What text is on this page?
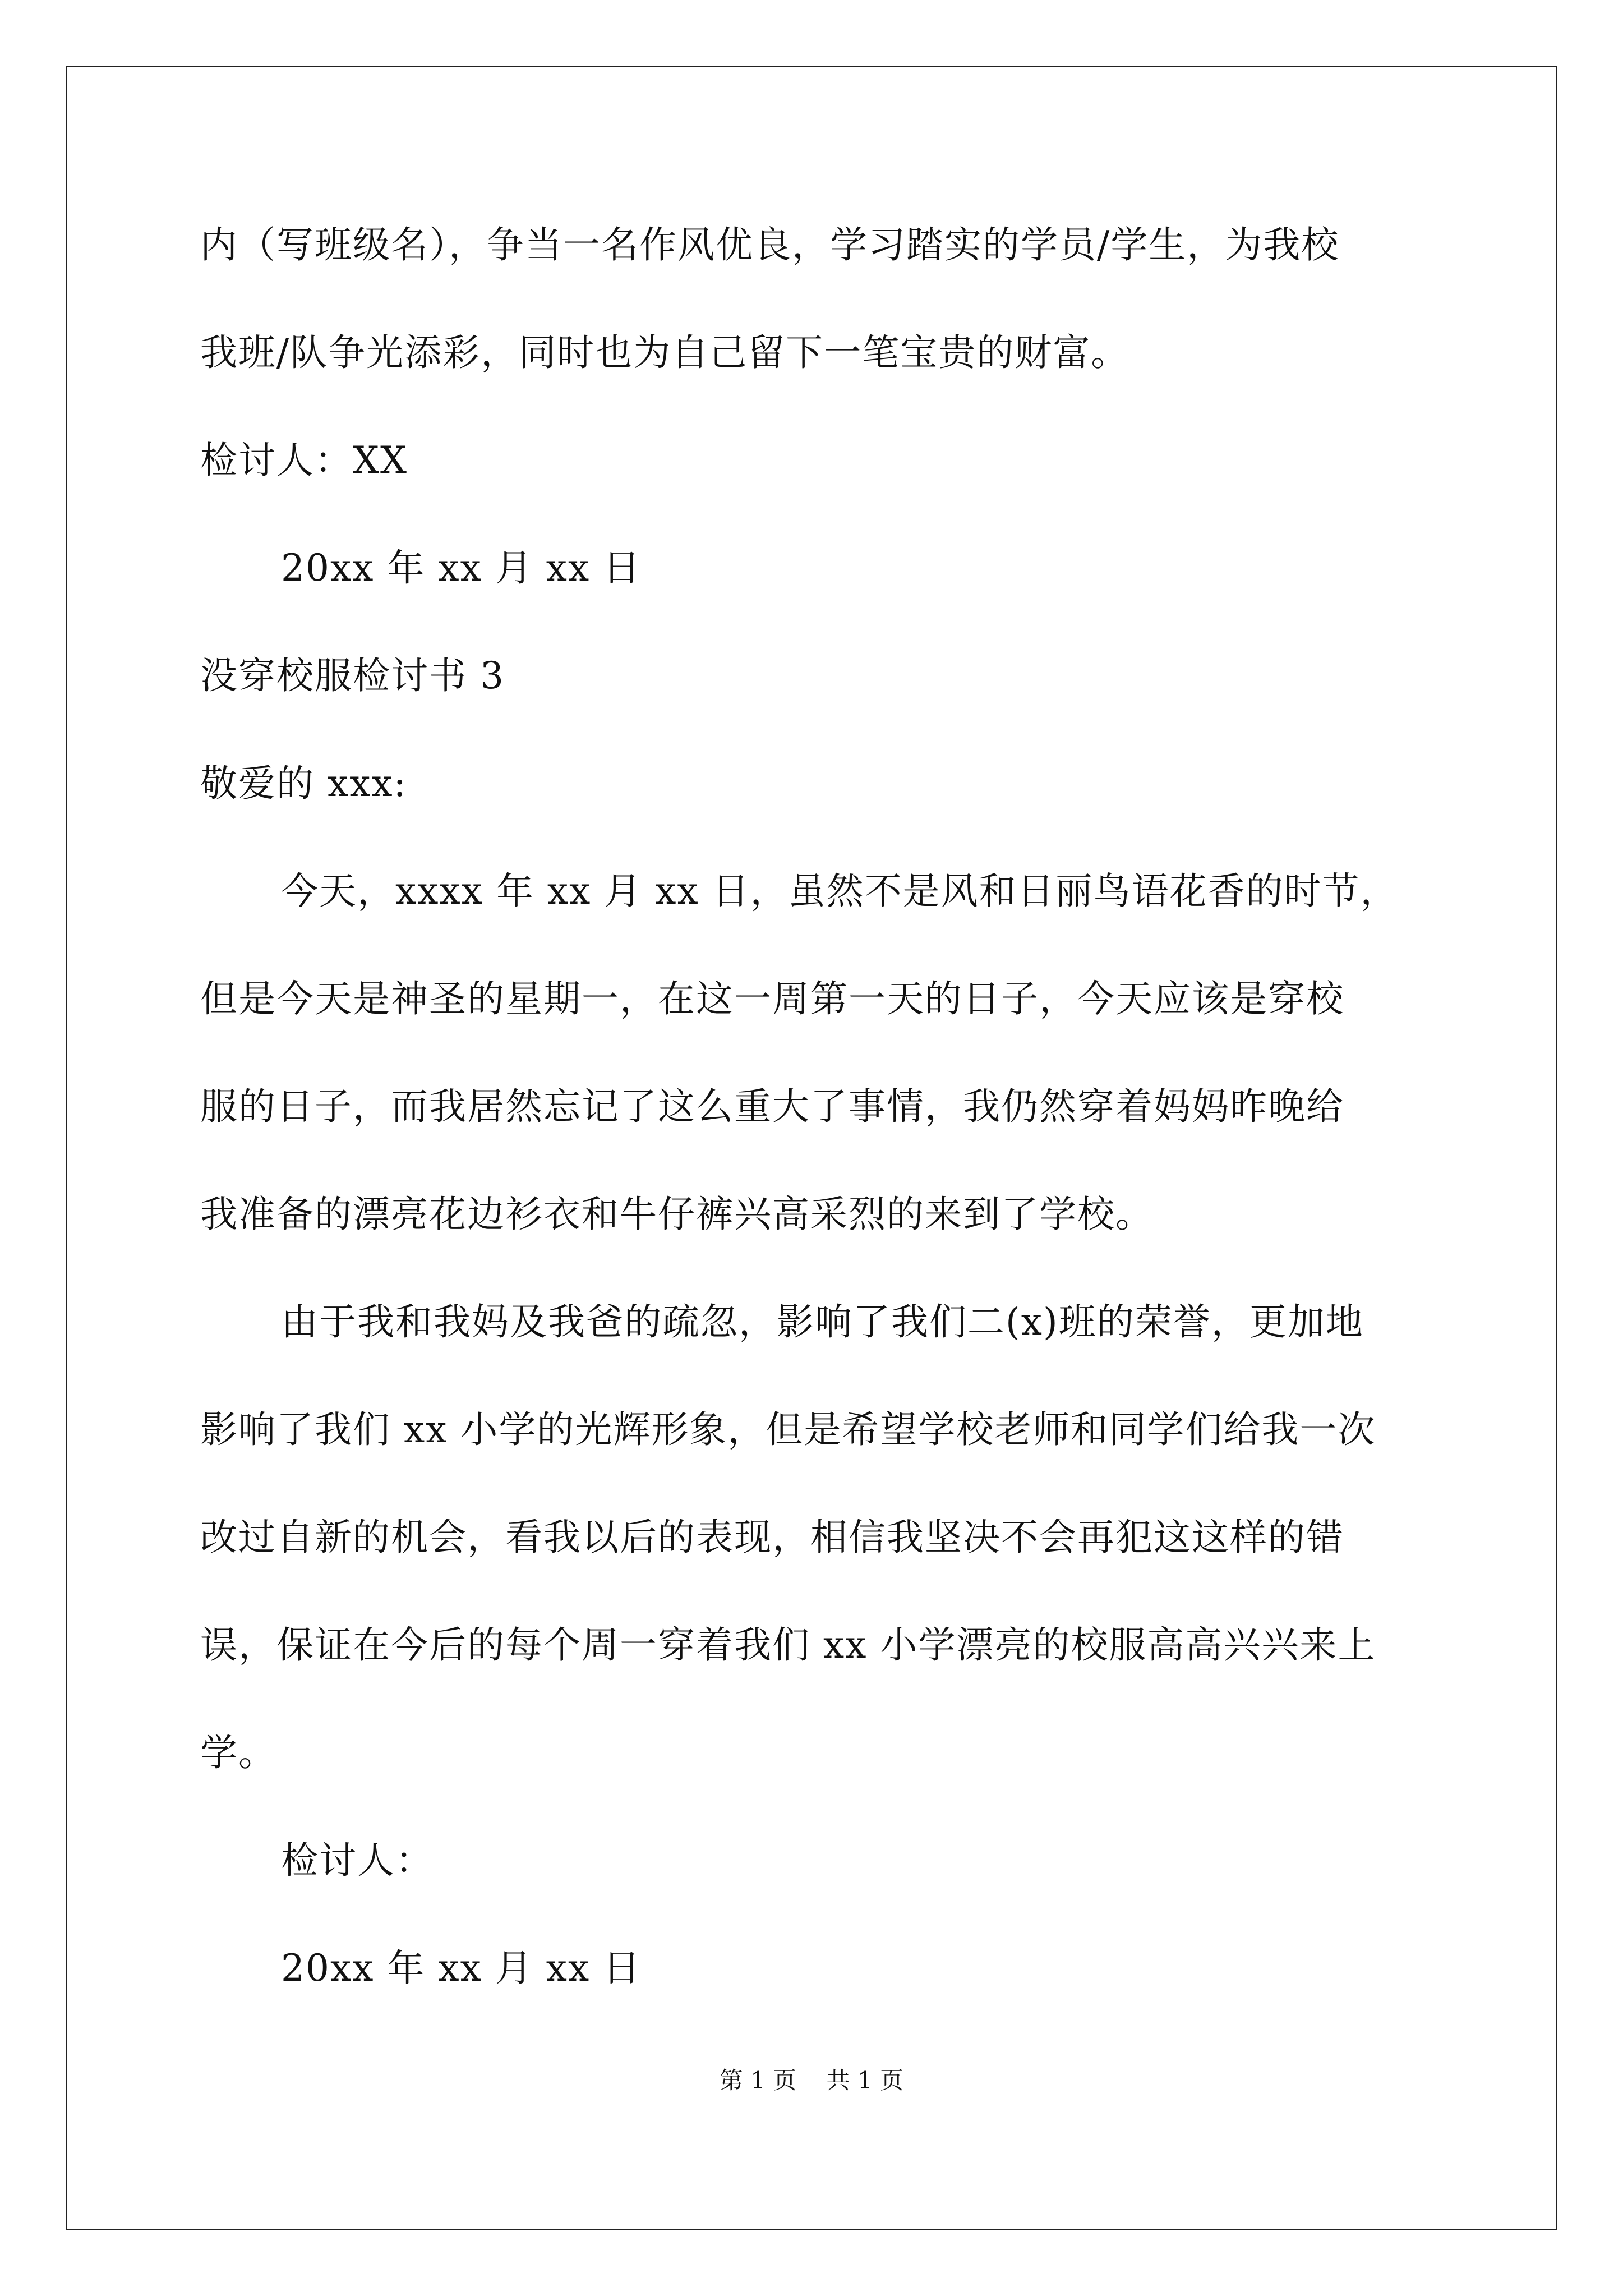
内（写班级名），争当一名作风优良，学习踏实的学员/学生，为我校
我班/队争光添彩，同时也为自己留下一笔宝贵的财富。
检讨人：XX
20xx 年 xx 月 xx 日
没穿校服检讨书 3
敬爱的 xxx:
今天，xxxx 年 xx 月 xx 日，虽然不是风和日丽鸟语花香的时节，
但是今天是神圣的星期一，在这一周第一天的日子，今天应该是穿校
服的日子，而我居然忘记了这么重大了事情，我仍然穿着妈妈昨晚给
我准备的漂亮花边衫衣和牛仔裤兴高采烈的来到了学校。
由于我和我妈及我爸的疏忽，影响了我们二(x)班的荣誉，更加地
影响了我们 xx 小学的光辉形象，但是希望学校老师和同学们给我一次
改过自新的机会，看我以后的表现，相信我坚决不会再犯这这样的错
误，保证在今后的每个周一穿着我们 xx 小学漂亮的校服高高兴兴来上
学。
检讨人：
20xx 年 xx 月 xx 日
第 1 页 共 1 页
